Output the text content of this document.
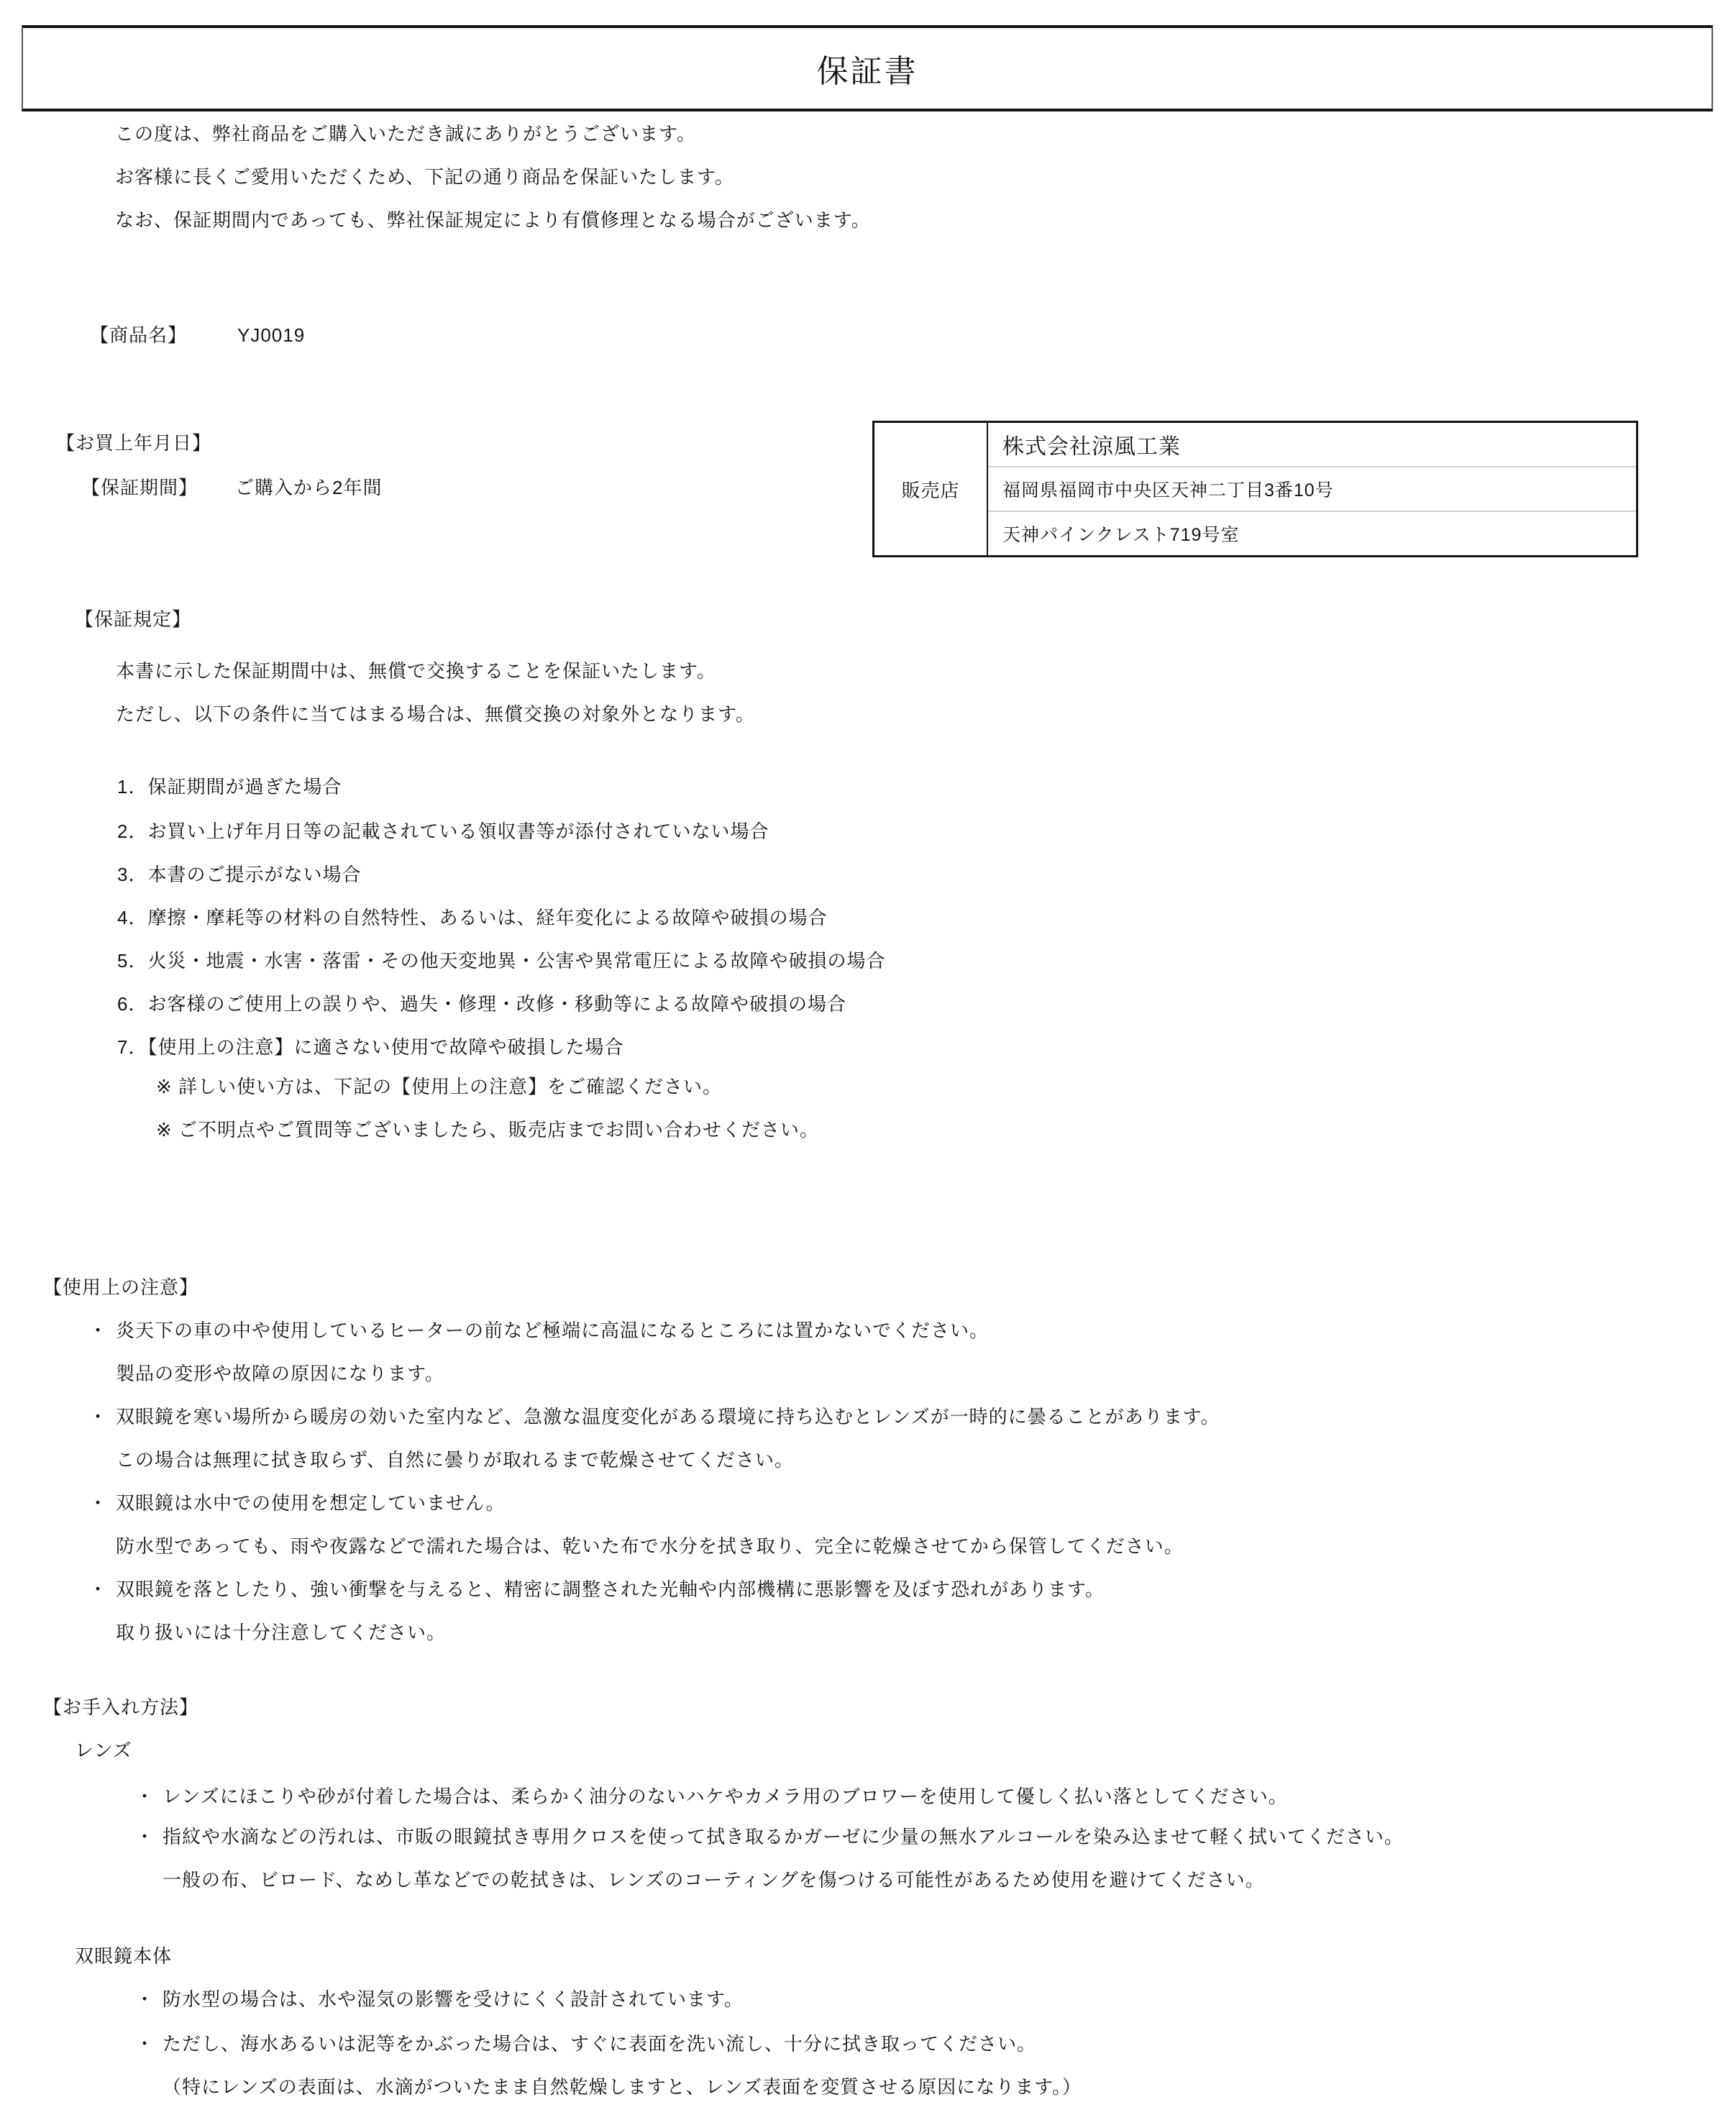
保証書
この度は、弊社商品をご購入いただき誠にありがとうございます。
お客様に長くご愛用いただくため、下記の通り商品を保証いたします。
なお、保証期間内であっても、弊社保証規定により有償修理となる場合がございます。
【商品名】	YJ0019
【お買上年月日】
【保証期間】 ご購入から2年間	販売店
株式会社涼風工業
福岡県福岡市中央区天神二丁目3番10号
天神パインクレスト719号室
【保証規定】
本書に示した保証期間中は、無償で交換することを保証いたします。
ただし、以下の条件に当てはまる場合は、無償交換の対象外となります。
1．保証期間が過ぎた場合
2．お買い上げ年月日等の記載されている領収書等が添付されていない場合
3．本書のご提示がない場合
4．摩擦・摩耗等の材料の自然特性、あるいは、経年変化による故障や破損の場合
5．火災・地震・水害・落雷・その他天変地異・公害や異常電圧による故障や破損の場合
6．お客様のご使用上の誤りや、過失・修理・改修・移動等による故障や破損の場合
7．【使用上の注意】に適さない使用で故障や破損した場合
※ 詳しい使い方は、下記の【使用上の注意】をご確認ください。
※ ご不明点やご質問等ございましたら、販売店までお問い合わせください。
【使用上の注意】
・ 炎天下の車の中や使用しているヒーターの前など極端に高温になるところには置かないでください。
製品の変形や故障の原因になります。
・ 双眼鏡を寒い場所から暖房の効いた室内など、急激な温度変化がある環境に持ち込むとレンズが一時的に曇ることがあります。
この場合は無理に拭き取らず、自然に曇りが取れるまで乾燥させてください。
・ 双眼鏡は水中での使用を想定していません。
防水型であっても、雨や夜露などで濡れた場合は、乾いた布で水分を拭き取り、完全に乾燥させてから保管してください。
・ 双眼鏡を落としたり、強い衝撃を与えると、精密に調整された光軸や内部機構に悪影響を及ぼす恐れがあります。
取り扱いには十分注意してください。
【お手入れ方法】
レンズ
・ レンズにほこりや砂が付着した場合は、柔らかく油分のないハケやカメラ用のブロワーを使用して優しく払い落としてください。
・ 指紋や水滴などの汚れは、市販の眼鏡拭き専用クロスを使って拭き取るかガーゼに少量の無水アルコールを染み込ませて軽く拭いてください。
一般の布、ビロード、なめし革などでの乾拭きは、レンズのコーティングを傷つける可能性があるため使用を避けてください。
双眼鏡本体
・ 防水型の場合は、水や湿気の影響を受けにくく設計されています。
・ ただし、海水あるいは泥等をかぶった場合は、すぐに表面を洗い流し、十分に拭き取ってください。
（特にレンズの表面は、水滴がついたまま自然乾燥しますと、レンズ表面を変質させる原因になります。）
